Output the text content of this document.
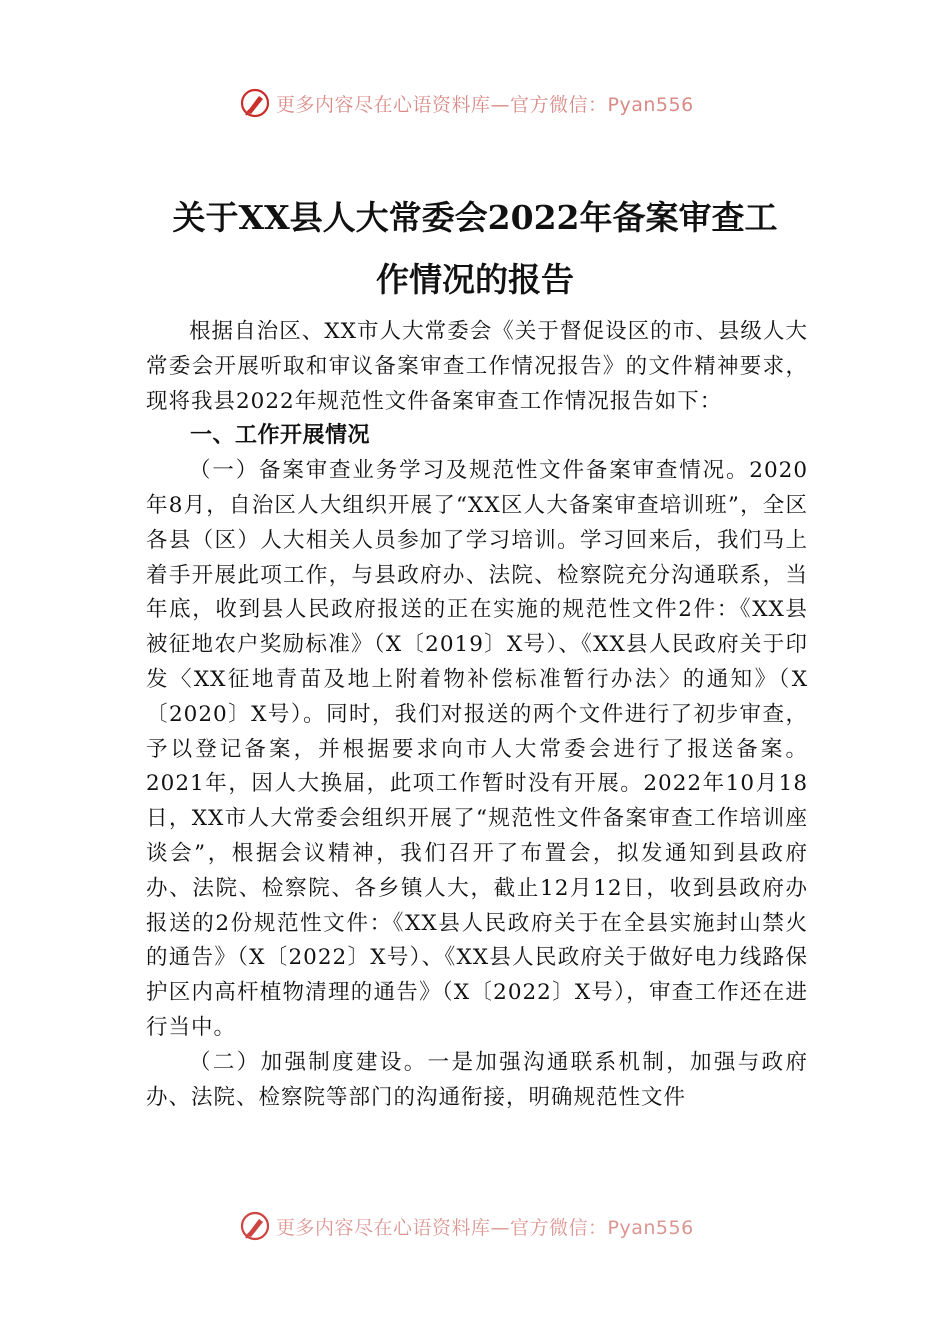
更多内容尽在心语资料库—官方微信：Pyan556
关于XX县人大常委会2022年备案审查工
作情况的报告

根据自治区、XX市人大常委会《关于督促设区的市、县级人大常委会开展听取和审议备案审查工作情况报告》的文件精神要求，现将我县2022年规范性文件备案审查工作情况报告如下：

一、工作开展情况

（一）备案审查业务学习及规范性文件备案审查情况。2020年8月，自治区人大组织开展了“XX区人大备案审查培训班”，全区各县（区）人大相关人员参加了学习培训。学习回来后，我们马上着手开展此项工作，与县政府办、法院、检察院充分沟通联系，当年底，收到县人民政府报送的正在实施的规范性文件2件：《XX县被征地农户奖励标准》（X〔2019〕X号）、《XX县人民政府关于印发〈XX征地青苗及地上附着物补偿标准暂行办法〉的通知》（X〔2020〕X号）。同时，我们对报送的两个文件进行了初步审查，予以登记备案，并根据要求向市人大常委会进行了报送备案。2021年，因人大换届，此项工作暂时没有开展。2022年10月18日，XX市人大常委会组织开展了“规范性文件备案审查工作培训座谈会”，根据会议精神，我们召开了布置会，拟发通知到县政府办、法院、检察院、各乡镇人大，截止12月12日，收到县政府办报送的2份规范性文件：《XX县人民政府关于在全县实施封山禁火的通告》（X〔2022〕X号）、《XX县人民政府关于做好电力线路保护区内高杆植物清理的通告》（X〔2022〕X号），审查工作还在进行当中。

（二）加强制度建设。一是加强沟通联系机制，加强与政府办、法院、检察院等部门的沟通衔接，明确规范性文件

更多内容尽在心语资料库—官方微信：Pyan556
